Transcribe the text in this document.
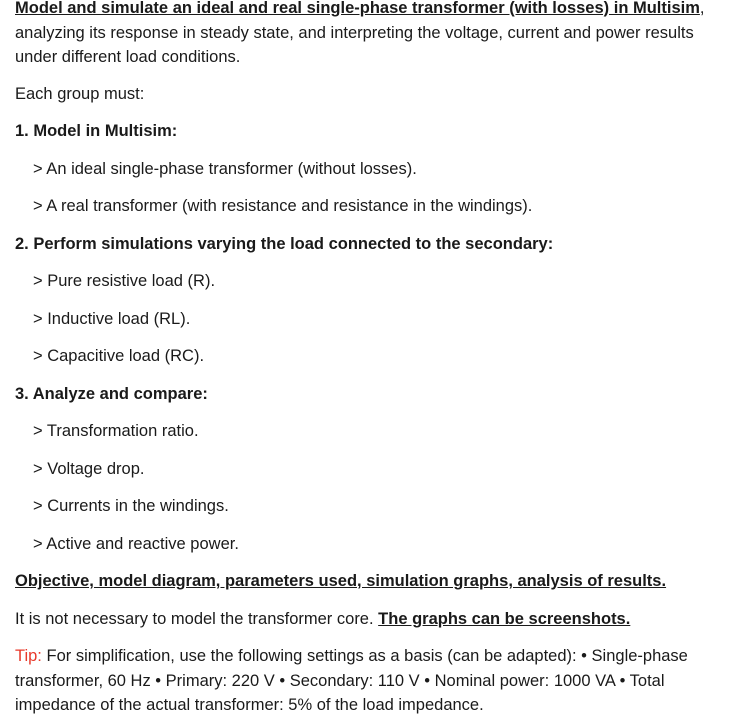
Model and simulate an ideal and real single-phase transformer (with losses) in Multisim, analyzing its response in steady state, and interpreting the voltage, current and power results under different load conditions.

Each group must:

1. Model in Multisim:

> An ideal single-phase transformer (without losses).

> A real transformer (with resistance and resistance in the windings).

2. Perform simulations varying the load connected to the secondary:

> Pure resistive load (R).

> Inductive load (RL).

> Capacitive load (RC).

3. Analyze and compare:

> Transformation ratio.

> Voltage drop.

> Currents in the windings.

> Active and reactive power.

Objective, model diagram, parameters used, simulation graphs, analysis of results.

It is not necessary to model the transformer core. The graphs can be screenshots.

Tip: For simplification, use the following settings as a basis (can be adapted): • Single-phase transformer, 60 Hz • Primary: 220 V • Secondary: 110 V • Nominal power: 1000 VA • Total impedance of the actual transformer: 5% of the load impedance.
